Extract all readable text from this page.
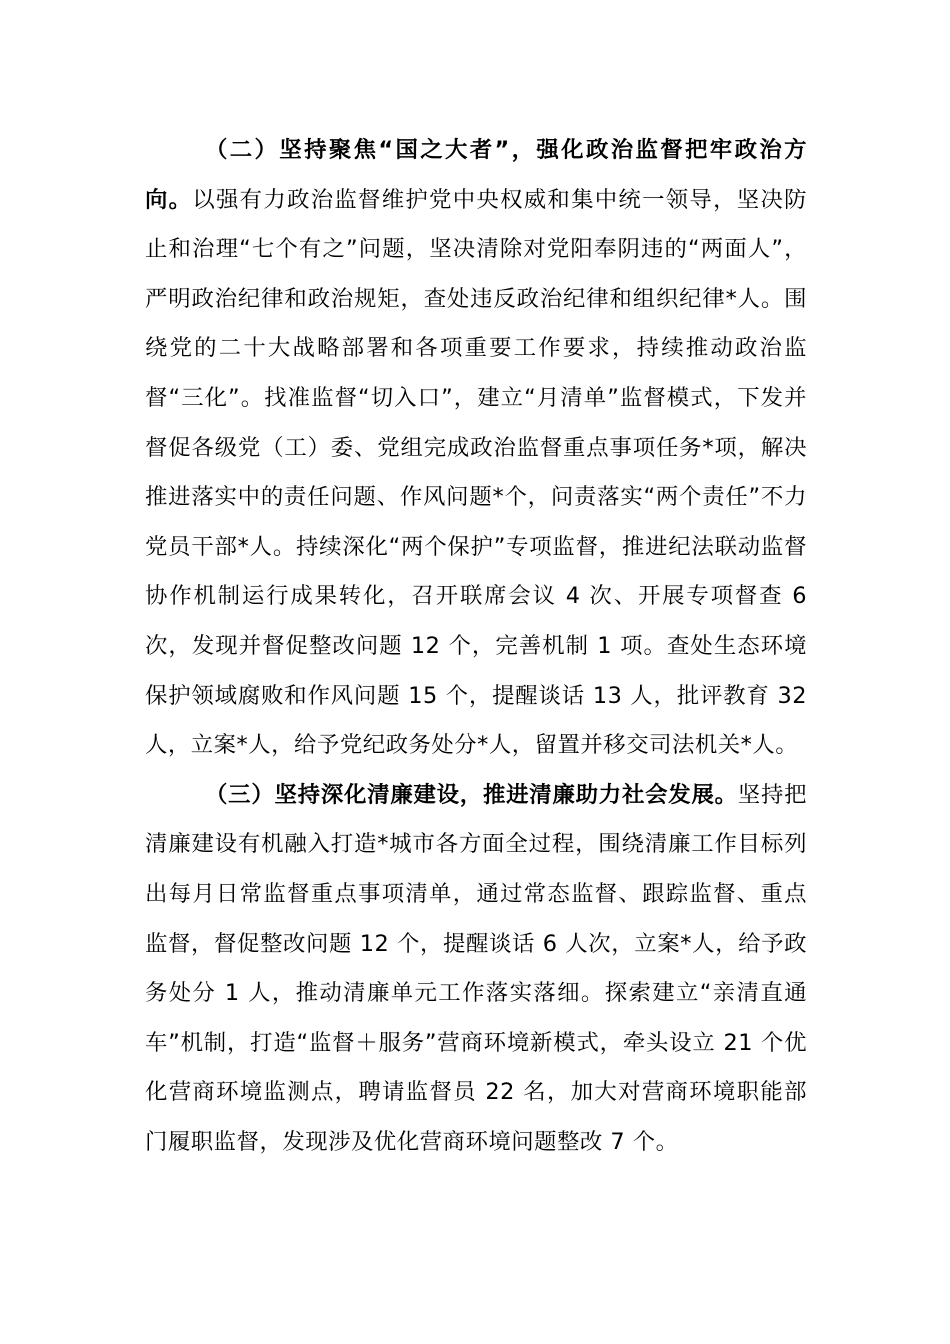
（二）坚持聚焦“国之大者”，强化政治监督把牢政治方向。以强有力政治监督维护党中央权威和集中统一领导，坚决防止和治理“七个有之”问题，坚决清除对党阳奉阴违的“两面人”，严明政治纪律和政治规矩，查处违反政治纪律和组织纪律*人。围绕党的二十大战略部署和各项重要工作要求，持续推动政治监督“三化”。找准监督“切入口”，建立“月清单”监督模式，下发并督促各级党（工）委、党组完成政治监督重点事项任务*项，解决推进落实中的责任问题、作风问题*个，问责落实“两个责任”不力党员干部*人。持续深化“两个保护”专项监督，推进纪法联动监督协作机制运行成果转化，召开联席会议 4 次、开展专项督查 6 次，发现并督促整改问题 12 个，完善机制 1 项。查处生态环境保护领域腐败和作风问题 15 个，提醒谈话 13 人，批评教育 32 人，立案*人，给予党纪政务处分*人，留置并移交司法机关*人。

（三）坚持深化清廉建设，推进清廉助力社会发展。坚持把清廉建设有机融入打造*城市各方面全过程，围绕清廉工作目标列出每月日常监督重点事项清单，通过常态监督、跟踪监督、重点监督，督促整改问题 12 个，提醒谈话 6 人次，立案*人，给予政务处分 1 人，推动清廉单元工作落实落细。探索建立“亲清直通车”机制，打造“监督＋服务”营商环境新模式，牵头设立 21 个优化营商环境监测点，聘请监督员 22 名，加大对营商环境职能部门履职监督，发现涉及优化营商环境问题整改 7 个。
